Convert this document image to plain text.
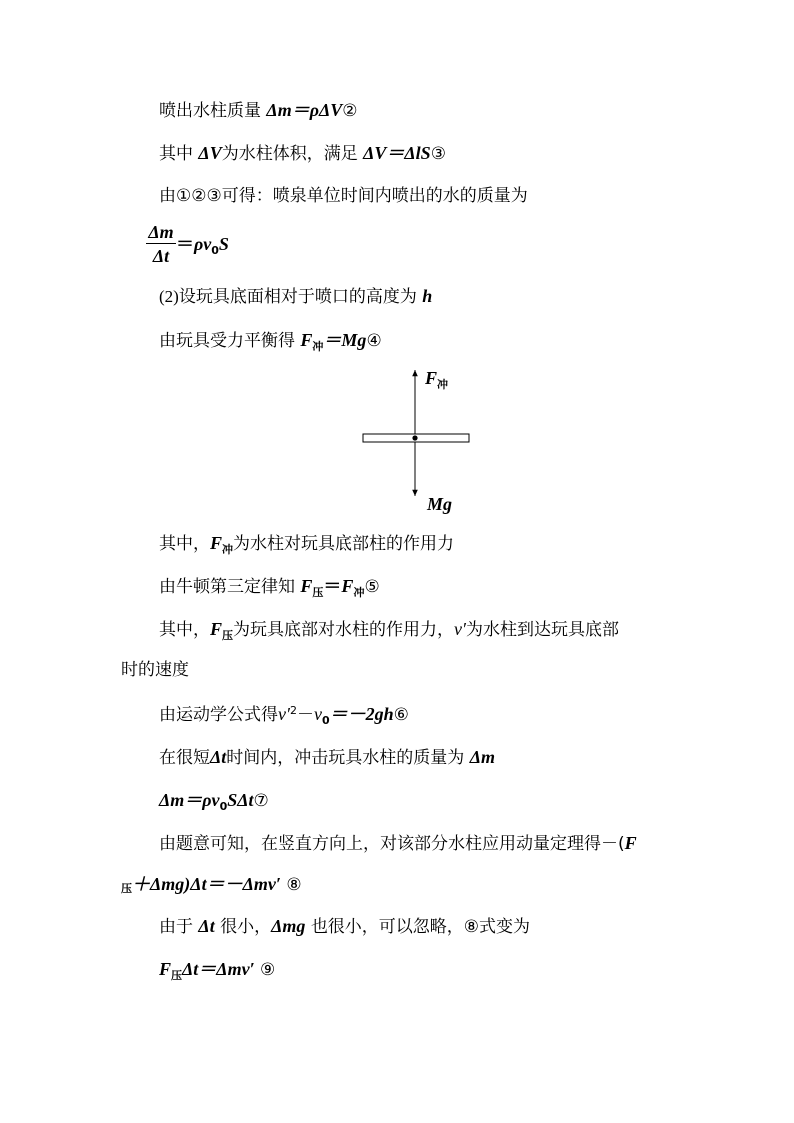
喷出水柱质量 Δm＝ρΔV②
其中 ΔV为水柱体积，满足 ΔV＝ΔlS③
由①②③可得：喷泉单位时间内喷出的水的质量为
Δm
Δt
$=\rho v_0S$
(2)设玩具底面相对于喷口的高度为 h
由玩具受力平衡得 $F_冲=Mg④$
F 冲
Mg
其中，$F_冲$为水柱对玩具底部柱的作用力
由牛顿第三定律知 $F_压=F_冲⑤$
其中，$F_压$为玩具底部对水柱的作用力，v′为水柱到达玩具底部
时的速度
由运动学公式得$v'^2-v_0=-2gh⑥$
在很短Δt时间内，冲击玩具水柱的质量为 Δm
$\Delta m=\rho v_0S\Delta t⑦$
由题意可知，在竖直方向上，对该部分水柱应用动量定理得－(F
压＋Δmg)Δt＝－Δmv′ ⑧
由于 Δt 很小，Δmg 也很小，可以忽略，⑧式变为
$F_压\Delta t=\Delta mv'$ ⑨
